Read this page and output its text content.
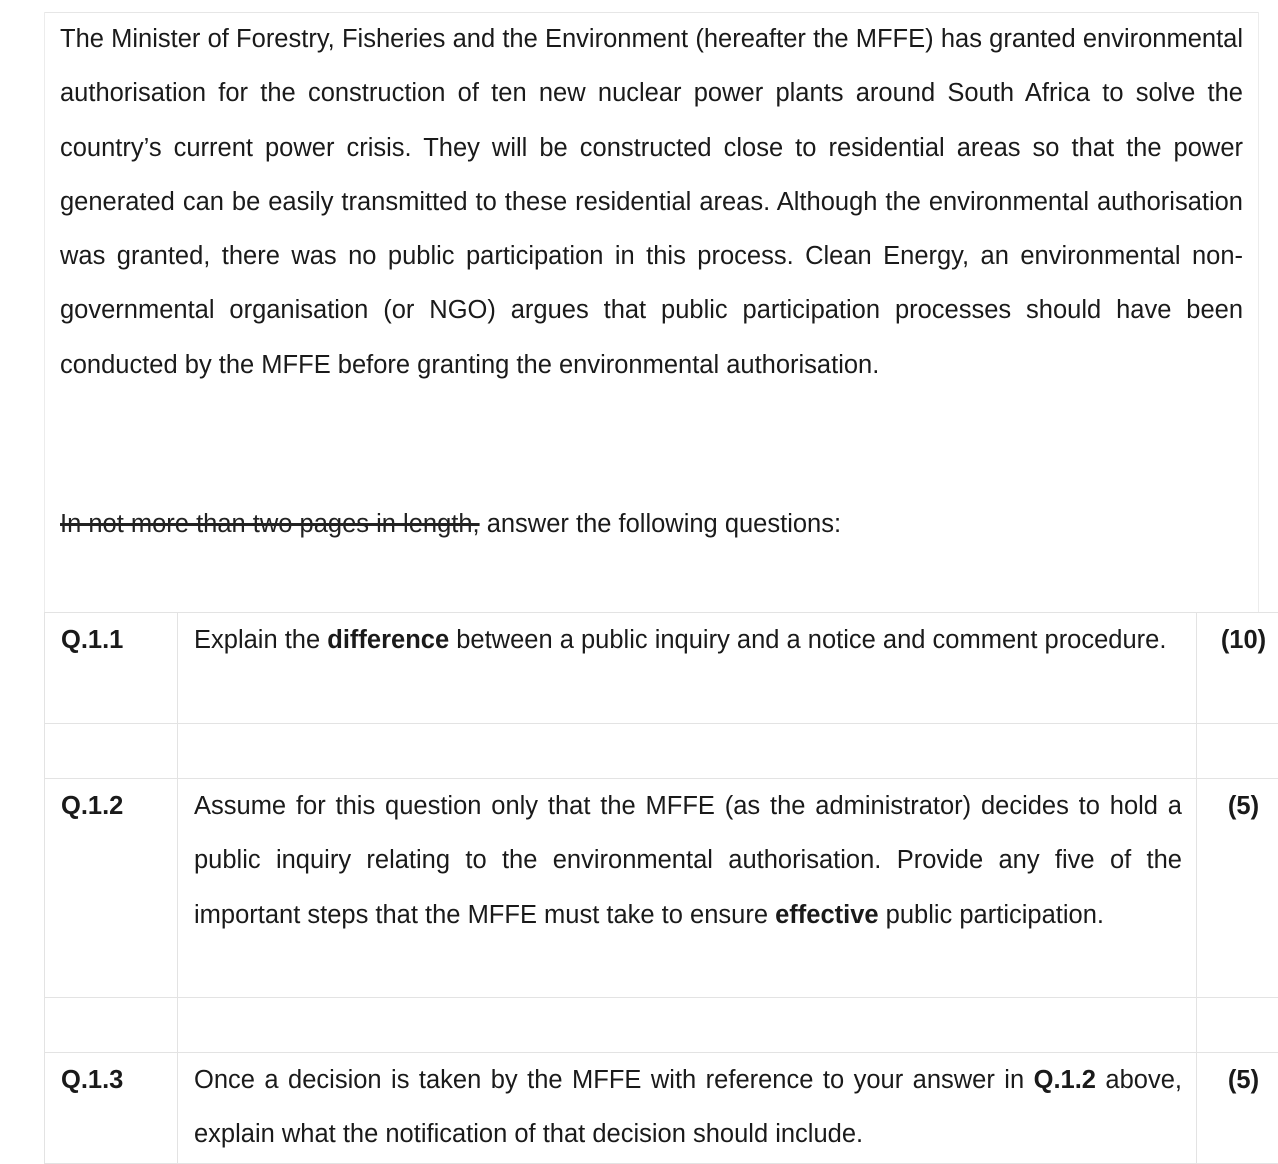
The Minister of Forestry, Fisheries and the Environment (hereafter the MFFE) has granted environmental authorisation for the construction of ten new nuclear power plants around South Africa to solve the country’s current power crisis. They will be constructed close to residential areas so that the power generated can be easily transmitted to these residential areas. Although the environmental authorisation was granted, there was no public participation in this process. Clean Energy, an environmental non-governmental organisation (or NGO) argues that public participation processes should have been conducted by the MFFE before granting the environmental authorisation.

In not more than two pages in length, answer the following questions:

Q.1.1	Explain the difference between a public inquiry and a notice and comment procedure.	(10)

Q.1.2	Assume for this question only that the MFFE (as the administrator) decides to hold a public inquiry relating to the environmental authorisation. Provide any five of the important steps that the MFFE must take to ensure effective public participation.	(5)

Q.1.3	Once a decision is taken by the MFFE with reference to your answer in Q.1.2 above, explain what the notification of that decision should include.	(5)
